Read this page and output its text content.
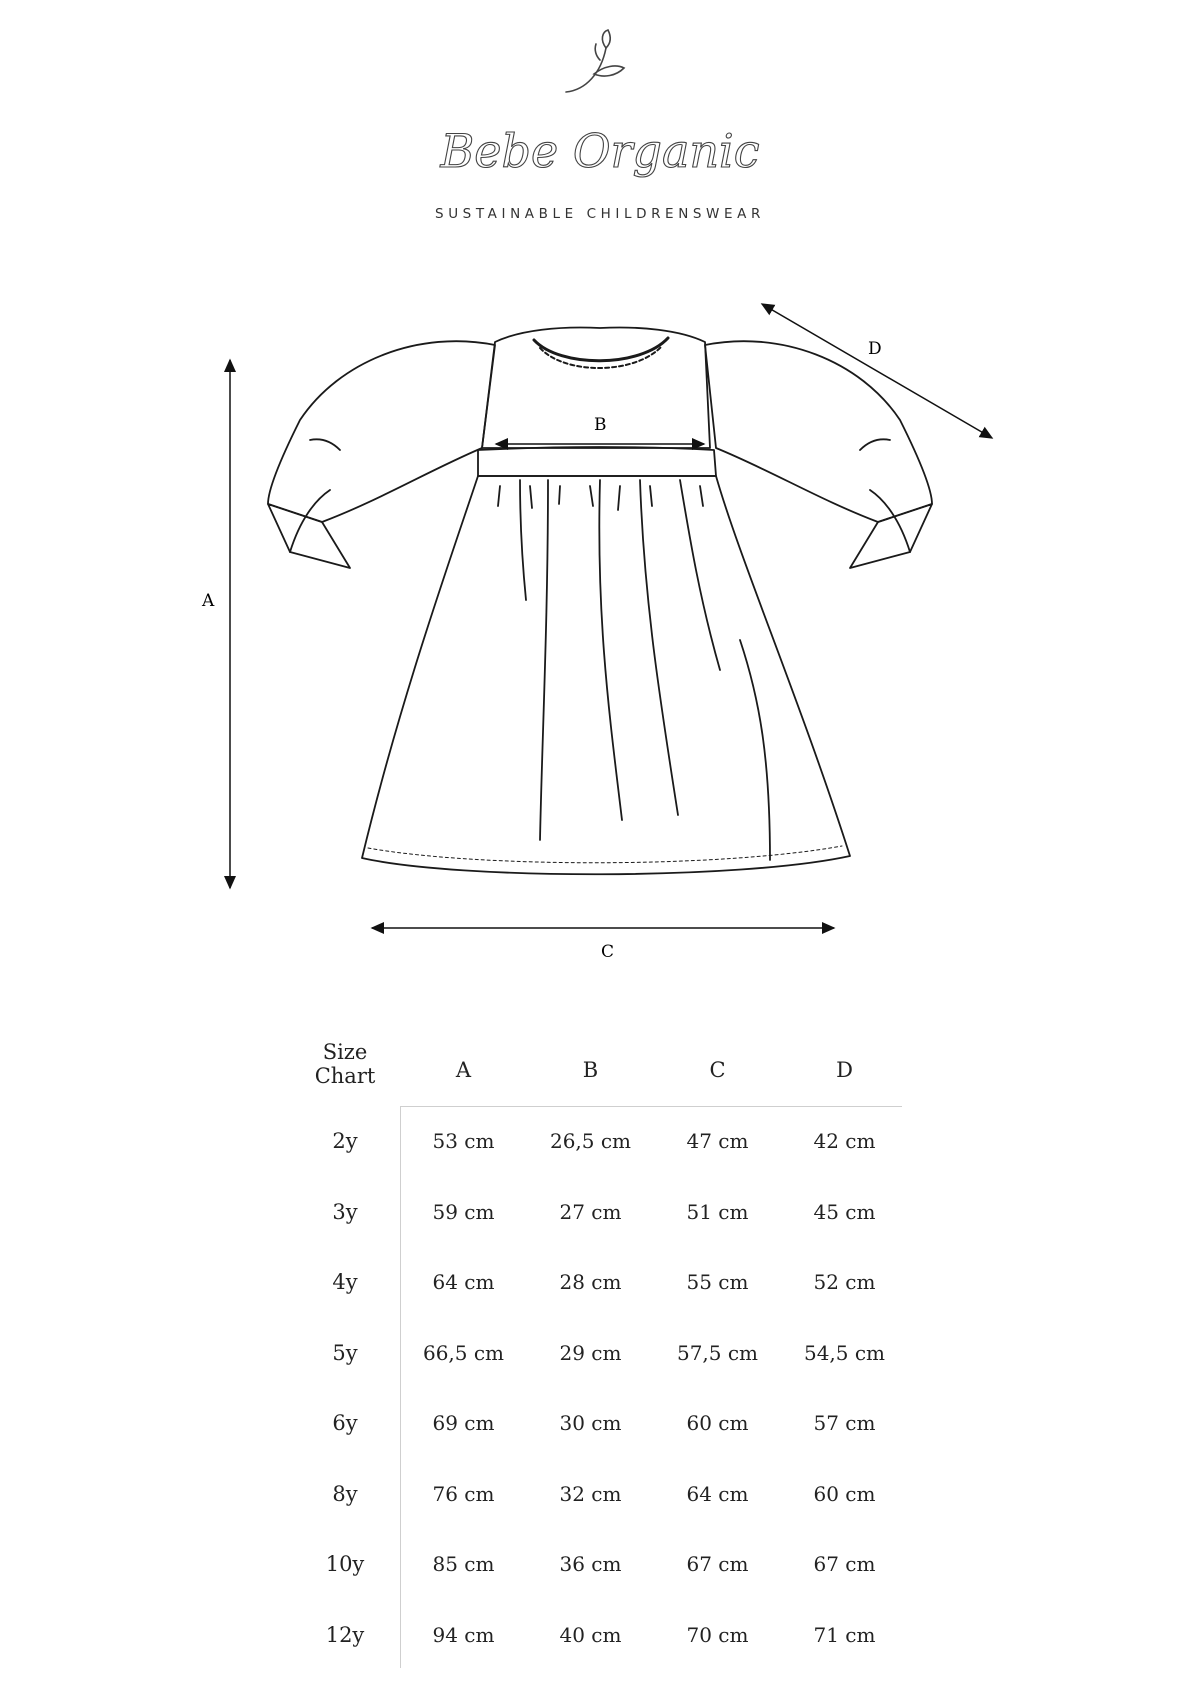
Bebe Organic
SUSTAINABLE CHILDRENSWEAR
A
B
C
D
Size
Chart	A	B	C	D
2y	53 cm	26,5 cm	47 cm	42 cm
3y	59 cm	27 cm	51 cm	45 cm
4y	64 cm	28 cm	55 cm	52 cm
5y	66,5 cm	29 cm	57,5 cm	54,5 cm
6y	69 cm	30 cm	60 cm	57 cm
8y	76 cm	32 cm	64 cm	60 cm
10y	85 cm	36 cm	67 cm	67 cm
12y	94 cm	40 cm	70 cm	71 cm
